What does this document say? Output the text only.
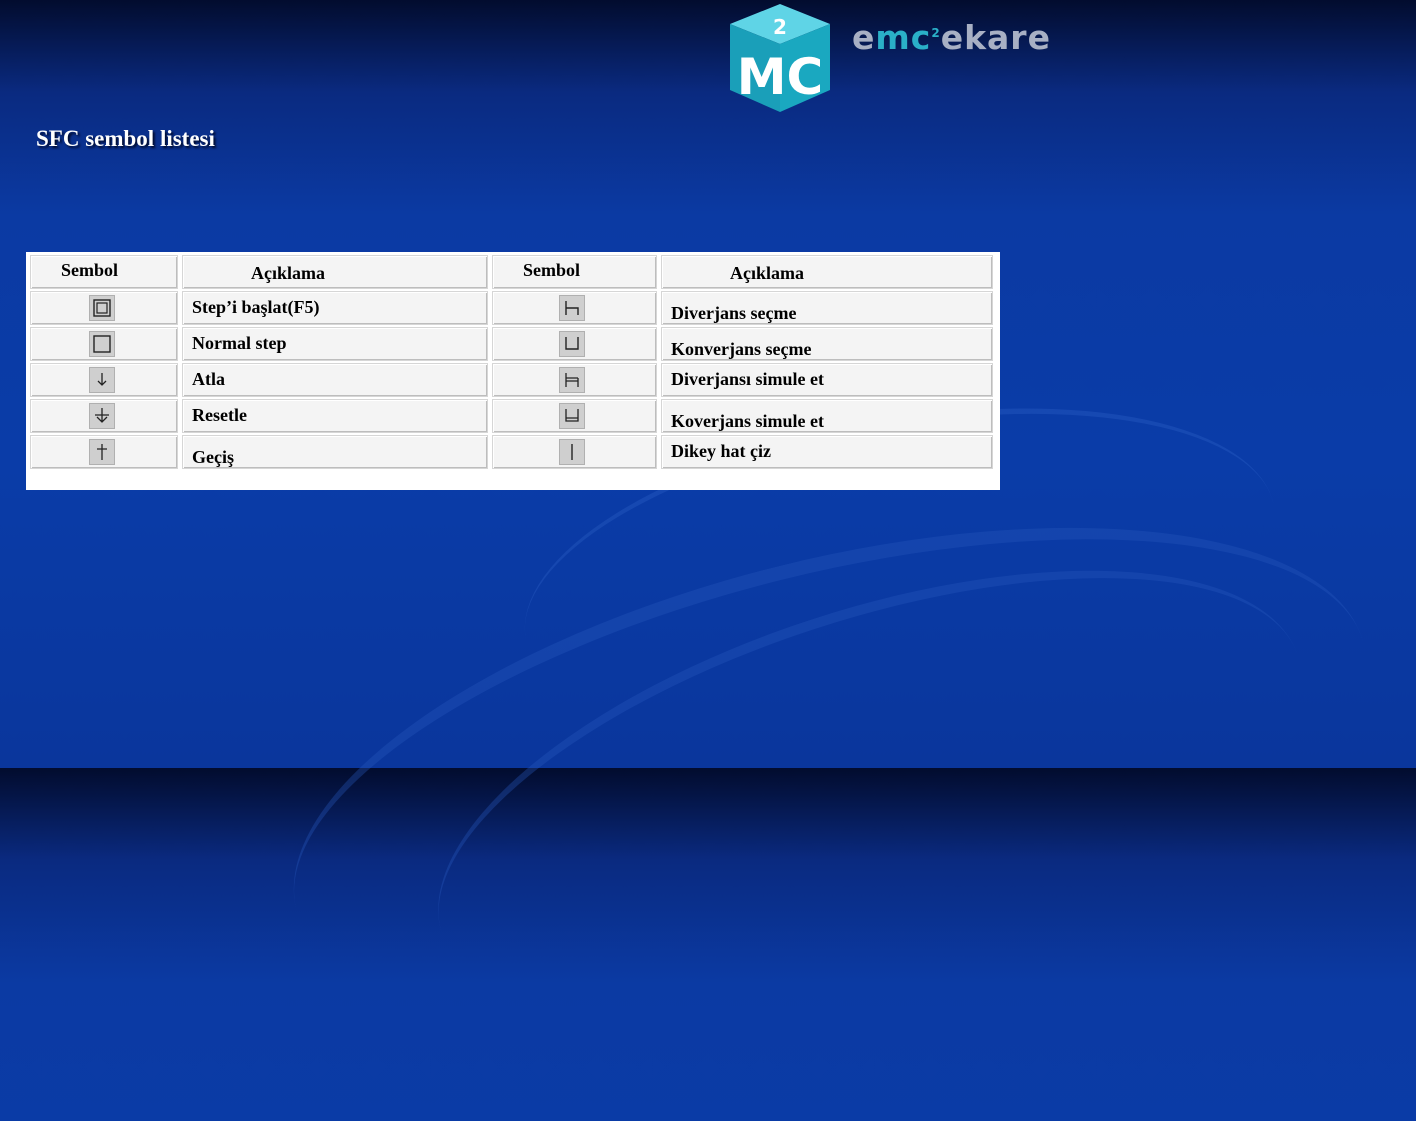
2
MC
emc$^2$ekare
SFC sembol listesi
Sembol	Açıklama	Sembol	Açıklama
Step’i başlat(F5)	Diverjans seçme
Normal step	Konverjans seçme
Atla	Diverjansı simule et
Resetle	Koverjans simule et
Geçiş	Dikey hat çiz
